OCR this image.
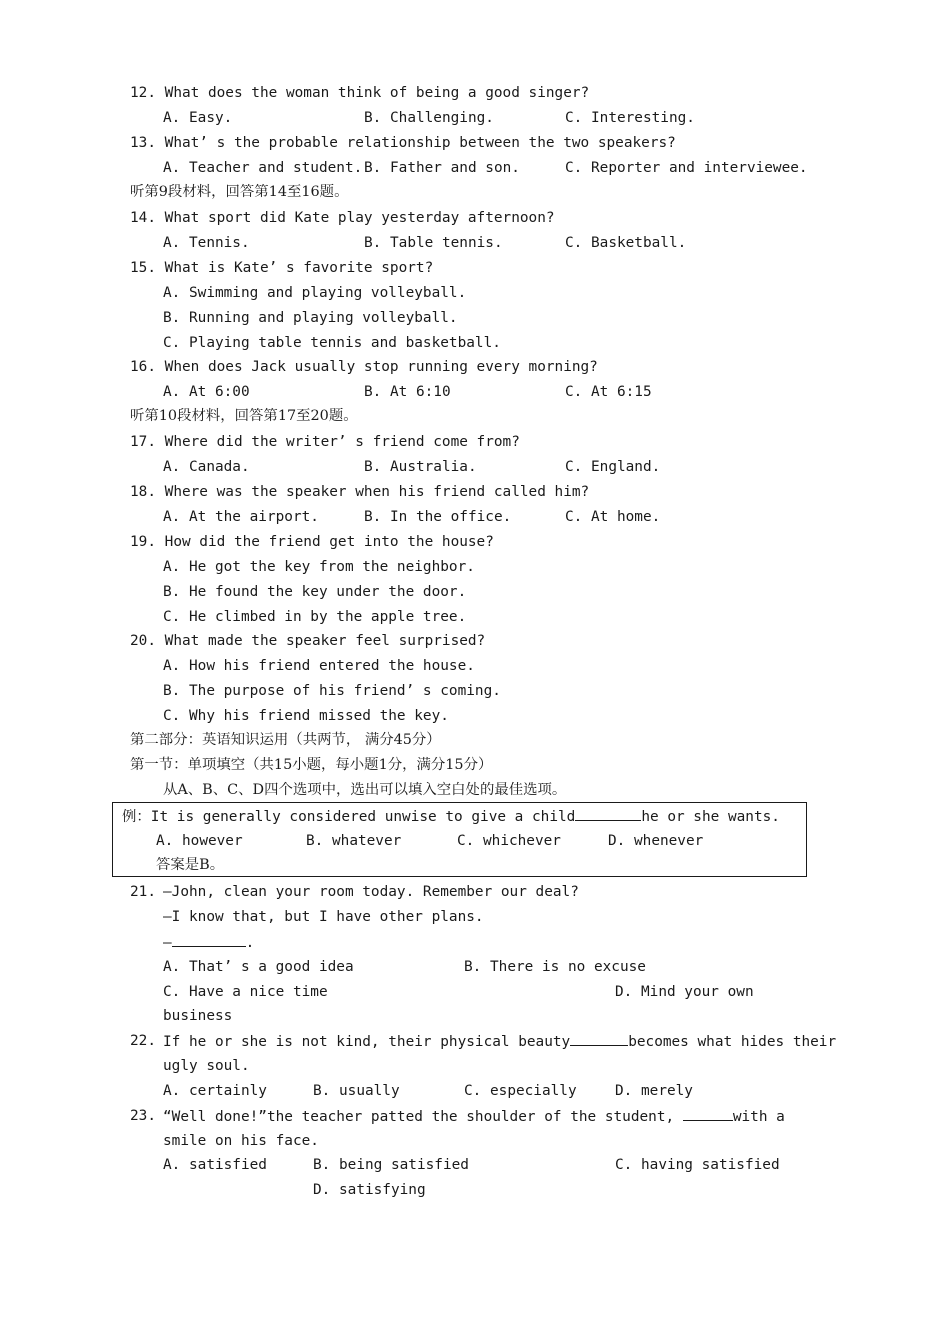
12. What does the woman think of being a good singer?
A. Easy.	B. Challenging.	C. Interesting.
13. What’ s the probable relationship between the two speakers?
A. Teacher and student. B. Father and son.	C. Reporter and interviewee.
听第9段材料，回答第14至16题。
14. What sport did Kate play yesterday afternoon?
A. Tennis.	B. Table tennis.	C. Basketball.
15. What is Kate’ s favorite sport?
A. Swimming and playing volleyball.
B. Running and playing volleyball.
C. Playing table tennis and basketball.
16. When does Jack usually stop running every morning?
A. At 6:00	B. At 6:10	C. At 6:15
听第10段材料，回答第17至20题。
17. Where did the writer’ s friend come from?
A. Canada.	B. Australia.	C. England.
18. Where was the speaker when his friend called him?
A. At the airport.	B. In the office.	C. At home.
19. How did the friend get into the house?
A. He got the key from the neighbor.
B. He found the key under the door.
C. He climbed in by the apple tree.
20. What made the speaker feel surprised?
A. How his friend entered the house.
B. The purpose of his friend’ s coming.
C. Why his friend missed the key.
第二部分：英语知识运用（共两节， 满分45分）
第一节：单项填空（共15小题，每小题1分，满分15分）
从A、B、C、D四个选项中，选出可以填入空白处的最佳选项。
例：It is generally considered unwise to give a child	he or she wants.
A. however	B. whatever	C. whichever	D. whenever
答案是B。
21. —John, clean your room today. Remember our deal?
—I know that, but I have other plans.
—	.
A. That’ s a good idea	B. There is no excuse
C. Have a nice time	D. Mind your own
business
22. If he or she is not kind, their physical beauty	becomes what hides their
ugly soul.
A. certainly	B. usually	C. especially	D. merely
23. “Well done!”the teacher patted the shoulder of the student,	with a
smile on his face.
A. satisfied	B. being satisfied	C. having satisfied
D. satisfying
